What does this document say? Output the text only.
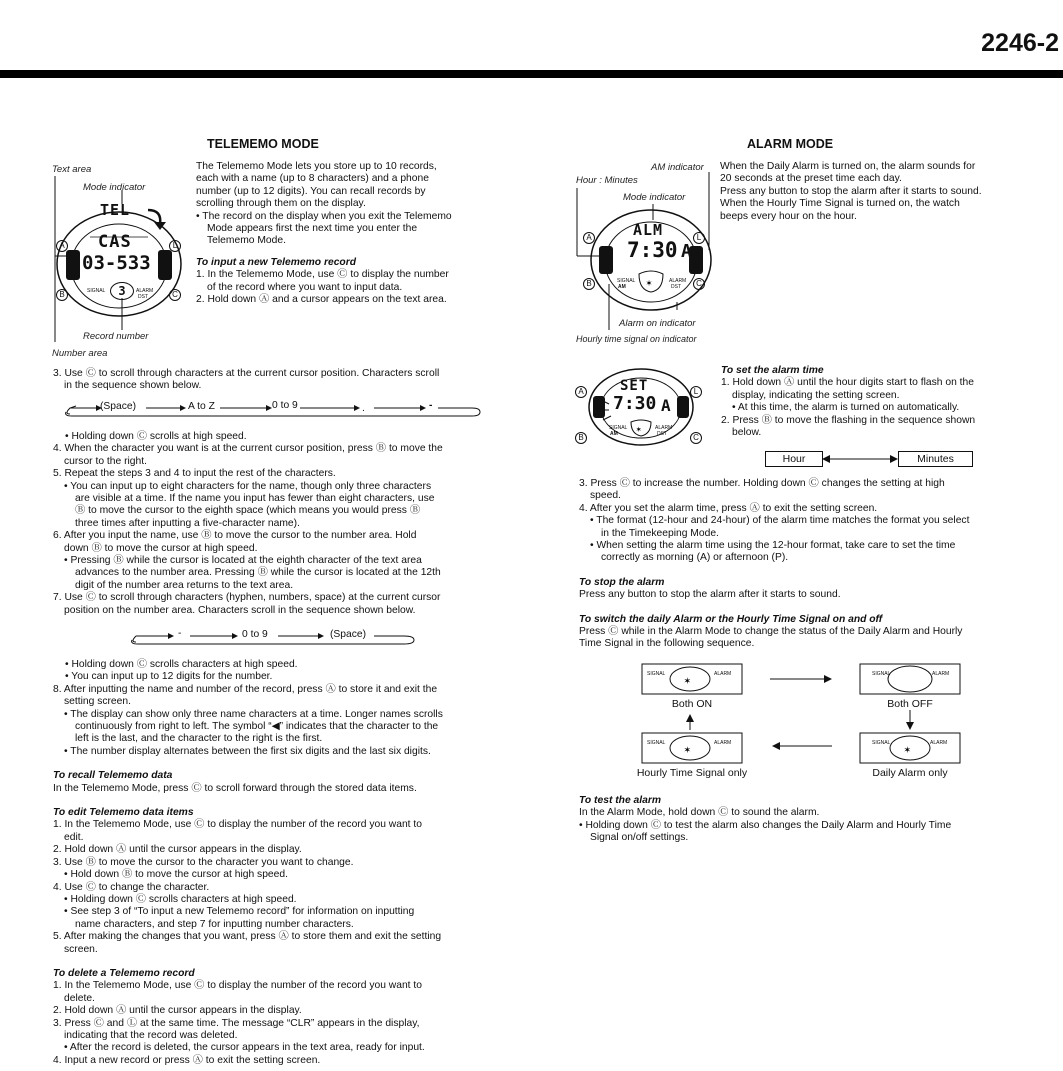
2246-2
TELEMEMO MODE
Text area
Mode indicator
TEL
CAS
03-533
SIGNAL	ALARM
DST
3
A
B
L
C
Record number
Number area

The Telememo Mode lets you store up to 10 records,

each with a name (up to 8 characters) and a phone

number (up to 12 digits). You can recall records by

scrolling through them on the display.

• The record on the display when you exit the Telememo

Mode appears first the next time you enter the

Telememo Mode.

To input a new Telememo record

1. In the Telememo Mode, use Ⓒ to display the number

of the record where you want to input data.

2. Hold down Ⓐ and a cursor appears on the text area.

3. Use Ⓒ to scroll through characters at the current cursor position. Characters scroll

in the sequence shown below.

(Space)	A to Z	0 to 9	.	-

• Holding down Ⓒ scrolls at high speed.

4. When the character you want is at the current cursor position, press Ⓑ to move the

cursor to the right.

5. Repeat the steps 3 and 4 to input the rest of the characters.

• You can input up to eight characters for the name, though only three characters

are visible at a time. If the name you input has fewer than eight characters, use

Ⓑ to move the cursor to the eighth space (which means you would press Ⓑ

three times after inputting a five-character name).

6. After you input the name, use Ⓑ to move the cursor to the number area. Hold

down Ⓑ to move the cursor at high speed.

• Pressing Ⓑ while the cursor is located at the eighth character of the text area

advances to the number area. Pressing Ⓑ while the cursor is located at the 12th

digit of the number area returns to the text area.

7. Use Ⓒ to scroll through characters (hyphen, numbers, space) at the current cursor

position on the number area. Characters scroll in the sequence shown below.

-	0 to 9	(Space)

• Holding down Ⓒ scrolls characters at high speed.

• You can input up to 12 digits for the number.

8. After inputting the name and number of the record, press Ⓐ to store it and exit the

setting screen.

• The display can show only three name characters at a time. Longer names scrolls

continuously from right to left. The symbol “◀” indicates that the character to the

left is the last, and the character to the right is the first.

• The number display alternates between the first six digits and the last six digits.

To recall Telememo data

In the Telememo Mode, press Ⓒ to scroll forward through the stored data items.

To edit Telememo data items

1. In the Telememo Mode, use Ⓒ to display the number of the record you want to

edit.

2. Hold down Ⓐ until the cursor appears in the display.

3. Use Ⓑ to move the cursor to the character you want to change.

• Hold down Ⓑ to move the cursor at high speed.

4. Use Ⓒ to change the character.

• Holding down Ⓒ scrolls characters at high speed.

• See step 3 of “To input a new Telememo record” for information on inputting

name characters, and step 7 for inputting number characters.

5. After making the changes that you want, press Ⓐ to store them and exit the setting

screen.

To delete a Telememo record

1. In the Telememo Mode, use Ⓒ to display the number of the record you want to

delete.

2. Hold down Ⓐ until the cursor appears in the display.

3. Press Ⓒ and Ⓛ at the same time. The message “CLR” appears in the display,

indicating that the record was deleted.

• After the record is deleted, the cursor appears in the text area, ready for input.

4. Input a new record or press Ⓐ to exit the setting screen.

ALARM MODE
✶
AM indicator
Hour : Minutes
Mode indicator
ALM
7:30 A
SIGNAL
AM
ALARM
DST
A
B
L
C
Alarm on indicator
Hourly time signal on indicator

When the Daily Alarm is turned on, the alarm sounds for

20 seconds at the preset time each day.

Press any button to stop the alarm after it starts to sound.

When the Hourly Time Signal is turned on, the watch

beeps every hour on the hour.

✶
SET
7:30 A
SIGNAL
AM
ALARM
DST
A
B
L
C

To set the alarm time

1. Hold down Ⓐ until the hour digits start to flash on the

display, indicating the setting screen.

• At this time, the alarm is turned on automatically.

2. Press Ⓑ to move the flashing in the sequence shown

below.

Hour	Minutes

3. Press Ⓒ to increase the number. Holding down Ⓒ changes the setting at high

speed.

4. After you set the alarm time, press Ⓐ to exit the setting screen.

• The format (12-hour and 24-hour) of the alarm time matches the format you select

in the Timekeeping Mode.

• When setting the alarm time using the 12-hour format, take care to set the time

correctly as morning (A) or afternoon (P).

To stop the alarm

Press any button to stop the alarm after it starts to sound.

To switch the daily Alarm or the Hourly Time Signal on and off

Press Ⓒ while in the Alarm Mode to change the status of the Daily Alarm and Hourly

Time Signal in the following sequence.

✶
✶	✶
SIGNAL	ALARM	SIGNAL	ALARM
SIGNAL	ALARM	SIGNAL	ALARM
Both ON	Both OFF
Hourly Time Signal only	Daily Alarm only

To test the alarm

In the Alarm Mode, hold down Ⓒ to sound the alarm.

• Holding down Ⓒ to test the alarm also changes the Daily Alarm and Hourly Time

Signal on/off settings.
